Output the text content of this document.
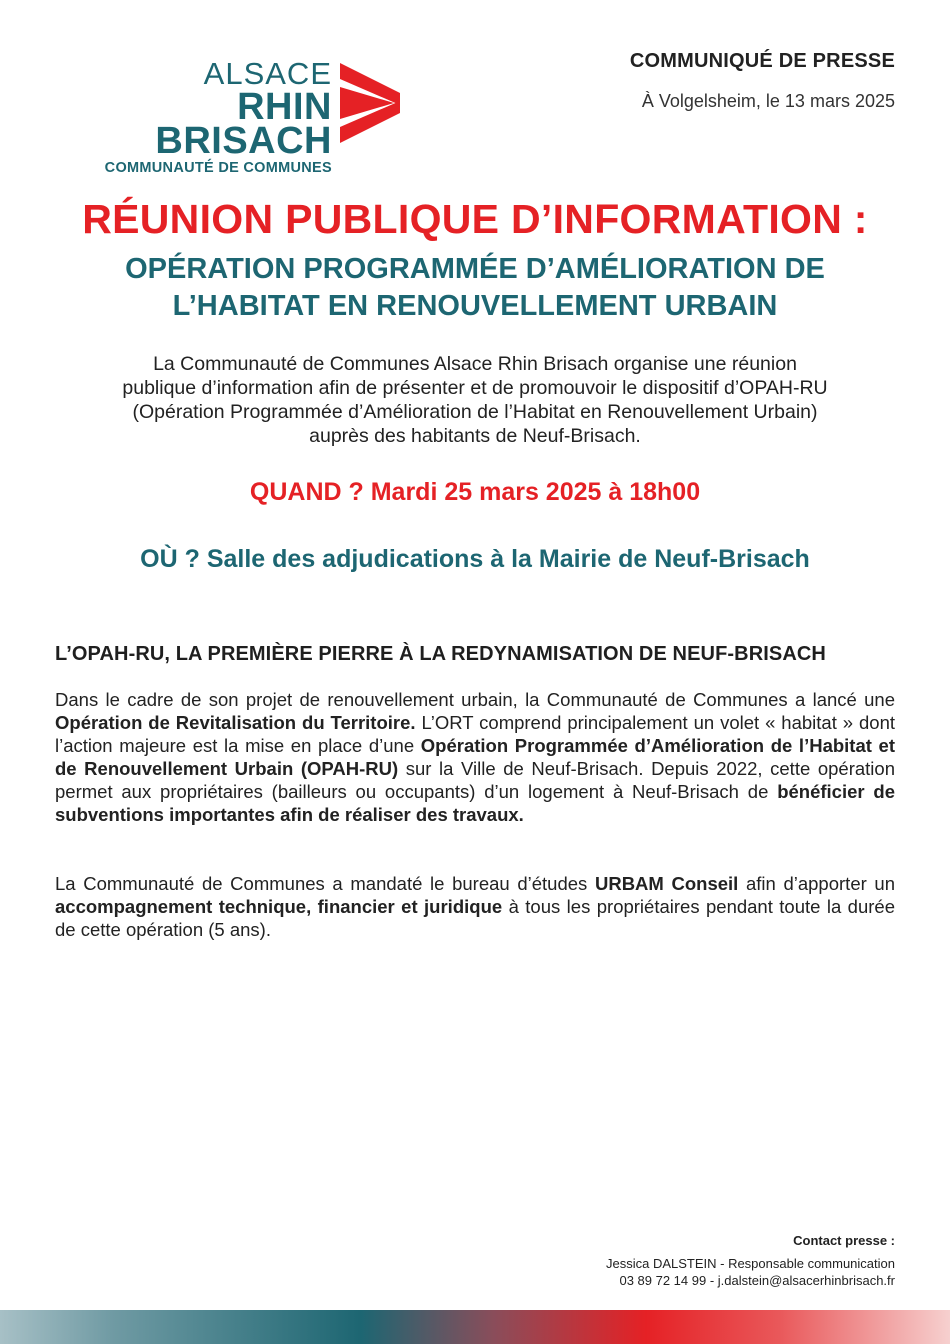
ALSACE
RHIN BRISACH
COMMUNAUTÉ DE COMMUNES
COMMUNIQUÉ DE PRESSE
À Volgelsheim, le 13 mars 2025
RÉUNION PUBLIQUE D’INFORMATION :
OPÉRATION PROGRAMMÉE D’AMÉLIORATION DE
L’HABITAT EN RENOUVELLEMENT URBAIN
La Communauté de Communes Alsace Rhin Brisach organise une réunion
publique d’information afin de présenter et de promouvoir le dispositif d’OPAH-RU
(Opération Programmée d’Amélioration de l’Habitat en Renouvellement Urbain)
auprès des habitants de Neuf-Brisach.
QUAND ? Mardi 25 mars 2025 à 18h00
OÙ ? Salle des adjudications à la Mairie de Neuf-Brisach
L’OPAH-RU, LA PREMIÈRE PIERRE À LA REDYNAMISATION DE NEUF-BRISACH
Dans le cadre de son projet de renouvellement urbain, la Communauté de Communes a lancé une Opération de Revitalisation du Territoire. L’ORT comprend principalement un volet « habitat » dont l’action majeure est la mise en place d’une Opération Programmée d’Amélioration de l’Habitat et de Renouvellement Urbain (OPAH-RU) sur la Ville de Neuf-Brisach. Depuis 2022, cette opération permet aux propriétaires (bailleurs ou occupants) d’un logement à Neuf-Brisach de bénéficier de subventions importantes afin de réaliser des travaux.
La Communauté de Communes a mandaté le bureau d’études URBAM Conseil afin d’apporter un accompagnement technique, financier et juridique à tous les propriétaires pendant toute la durée de cette opération (5 ans).
Contact presse :
Jessica DALSTEIN - Responsable communication
03 89 72 14 99 - j.dalstein@alsacerhinbrisach.fr
